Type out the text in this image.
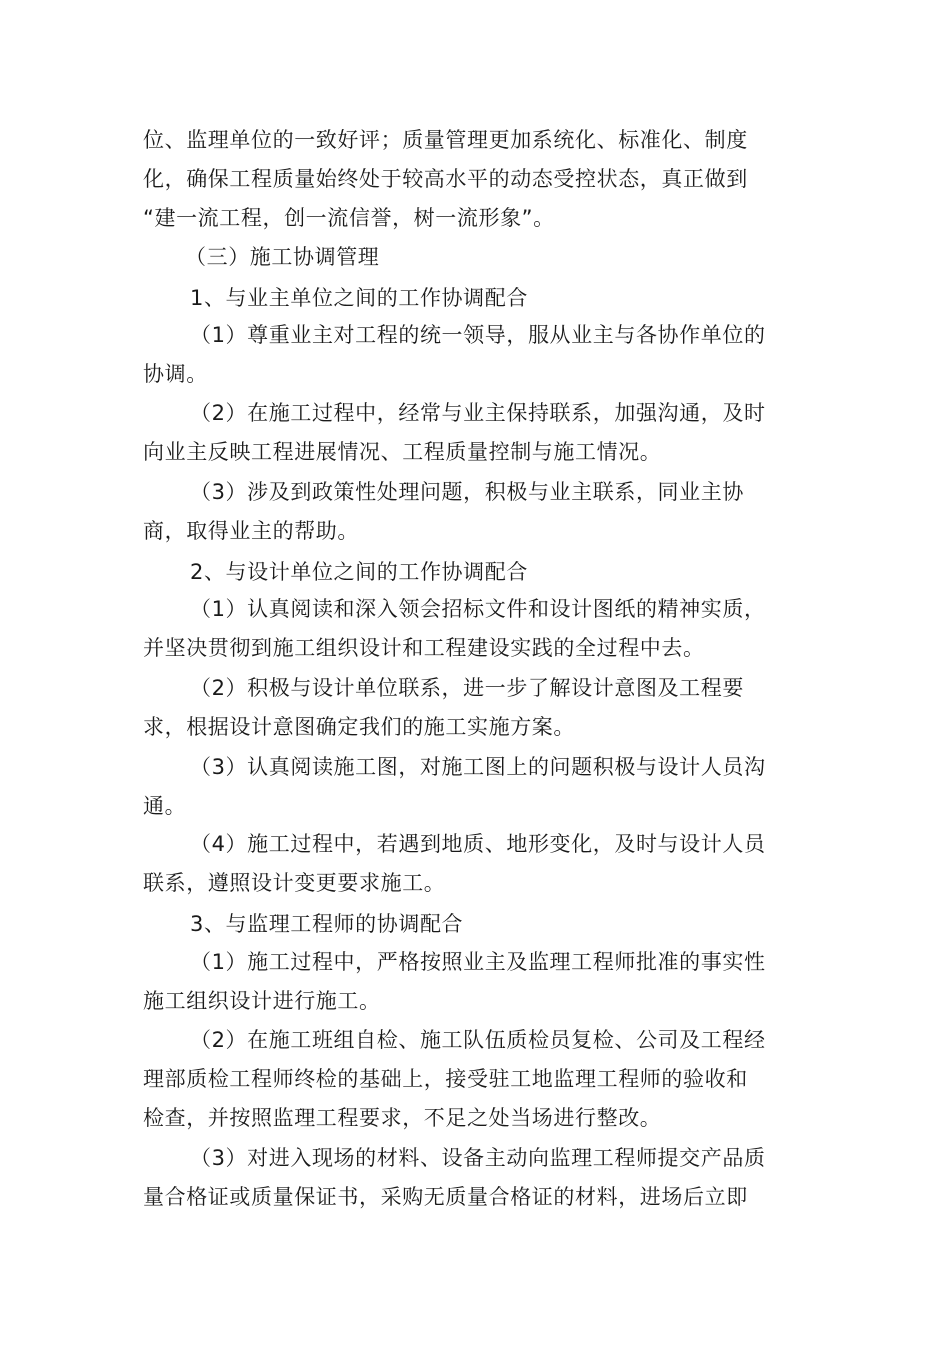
位、监理单位的一致好评；质量管理更加系统化、标准化、制度
化，确保工程质量始终处于较高水平的动态受控状态，真正做到
“建一流工程，创一流信誉，树一流形象”。
（三）施工协调管理
1、与业主单位之间的工作协调配合
（1）尊重业主对工程的统一领导，服从业主与各协作单位的
协调。
（2）在施工过程中，经常与业主保持联系，加强沟通，及时
向业主反映工程进展情况、工程质量控制与施工情况。
（3）涉及到政策性处理问题，积极与业主联系，同业主协
商，取得业主的帮助。
2、与设计单位之间的工作协调配合
（1）认真阅读和深入领会招标文件和设计图纸的精神实质，
并坚决贯彻到施工组织设计和工程建设实践的全过程中去。
（2）积极与设计单位联系，进一步了解设计意图及工程要
求，根据设计意图确定我们的施工实施方案。
（3）认真阅读施工图，对施工图上的问题积极与设计人员沟
通。
（4）施工过程中，若遇到地质、地形变化，及时与设计人员
联系，遵照设计变更要求施工。
3、与监理工程师的协调配合
（1）施工过程中，严格按照业主及监理工程师批准的事实性
施工组织设计进行施工。
（2）在施工班组自检、施工队伍质检员复检、公司及工程经
理部质检工程师终检的基础上，接受驻工地监理工程师的验收和
检查，并按照监理工程要求，不足之处当场进行整改。
（3）对进入现场的材料、设备主动向监理工程师提交产品质
量合格证或质量保证书，采购无质量合格证的材料，进场后立即
